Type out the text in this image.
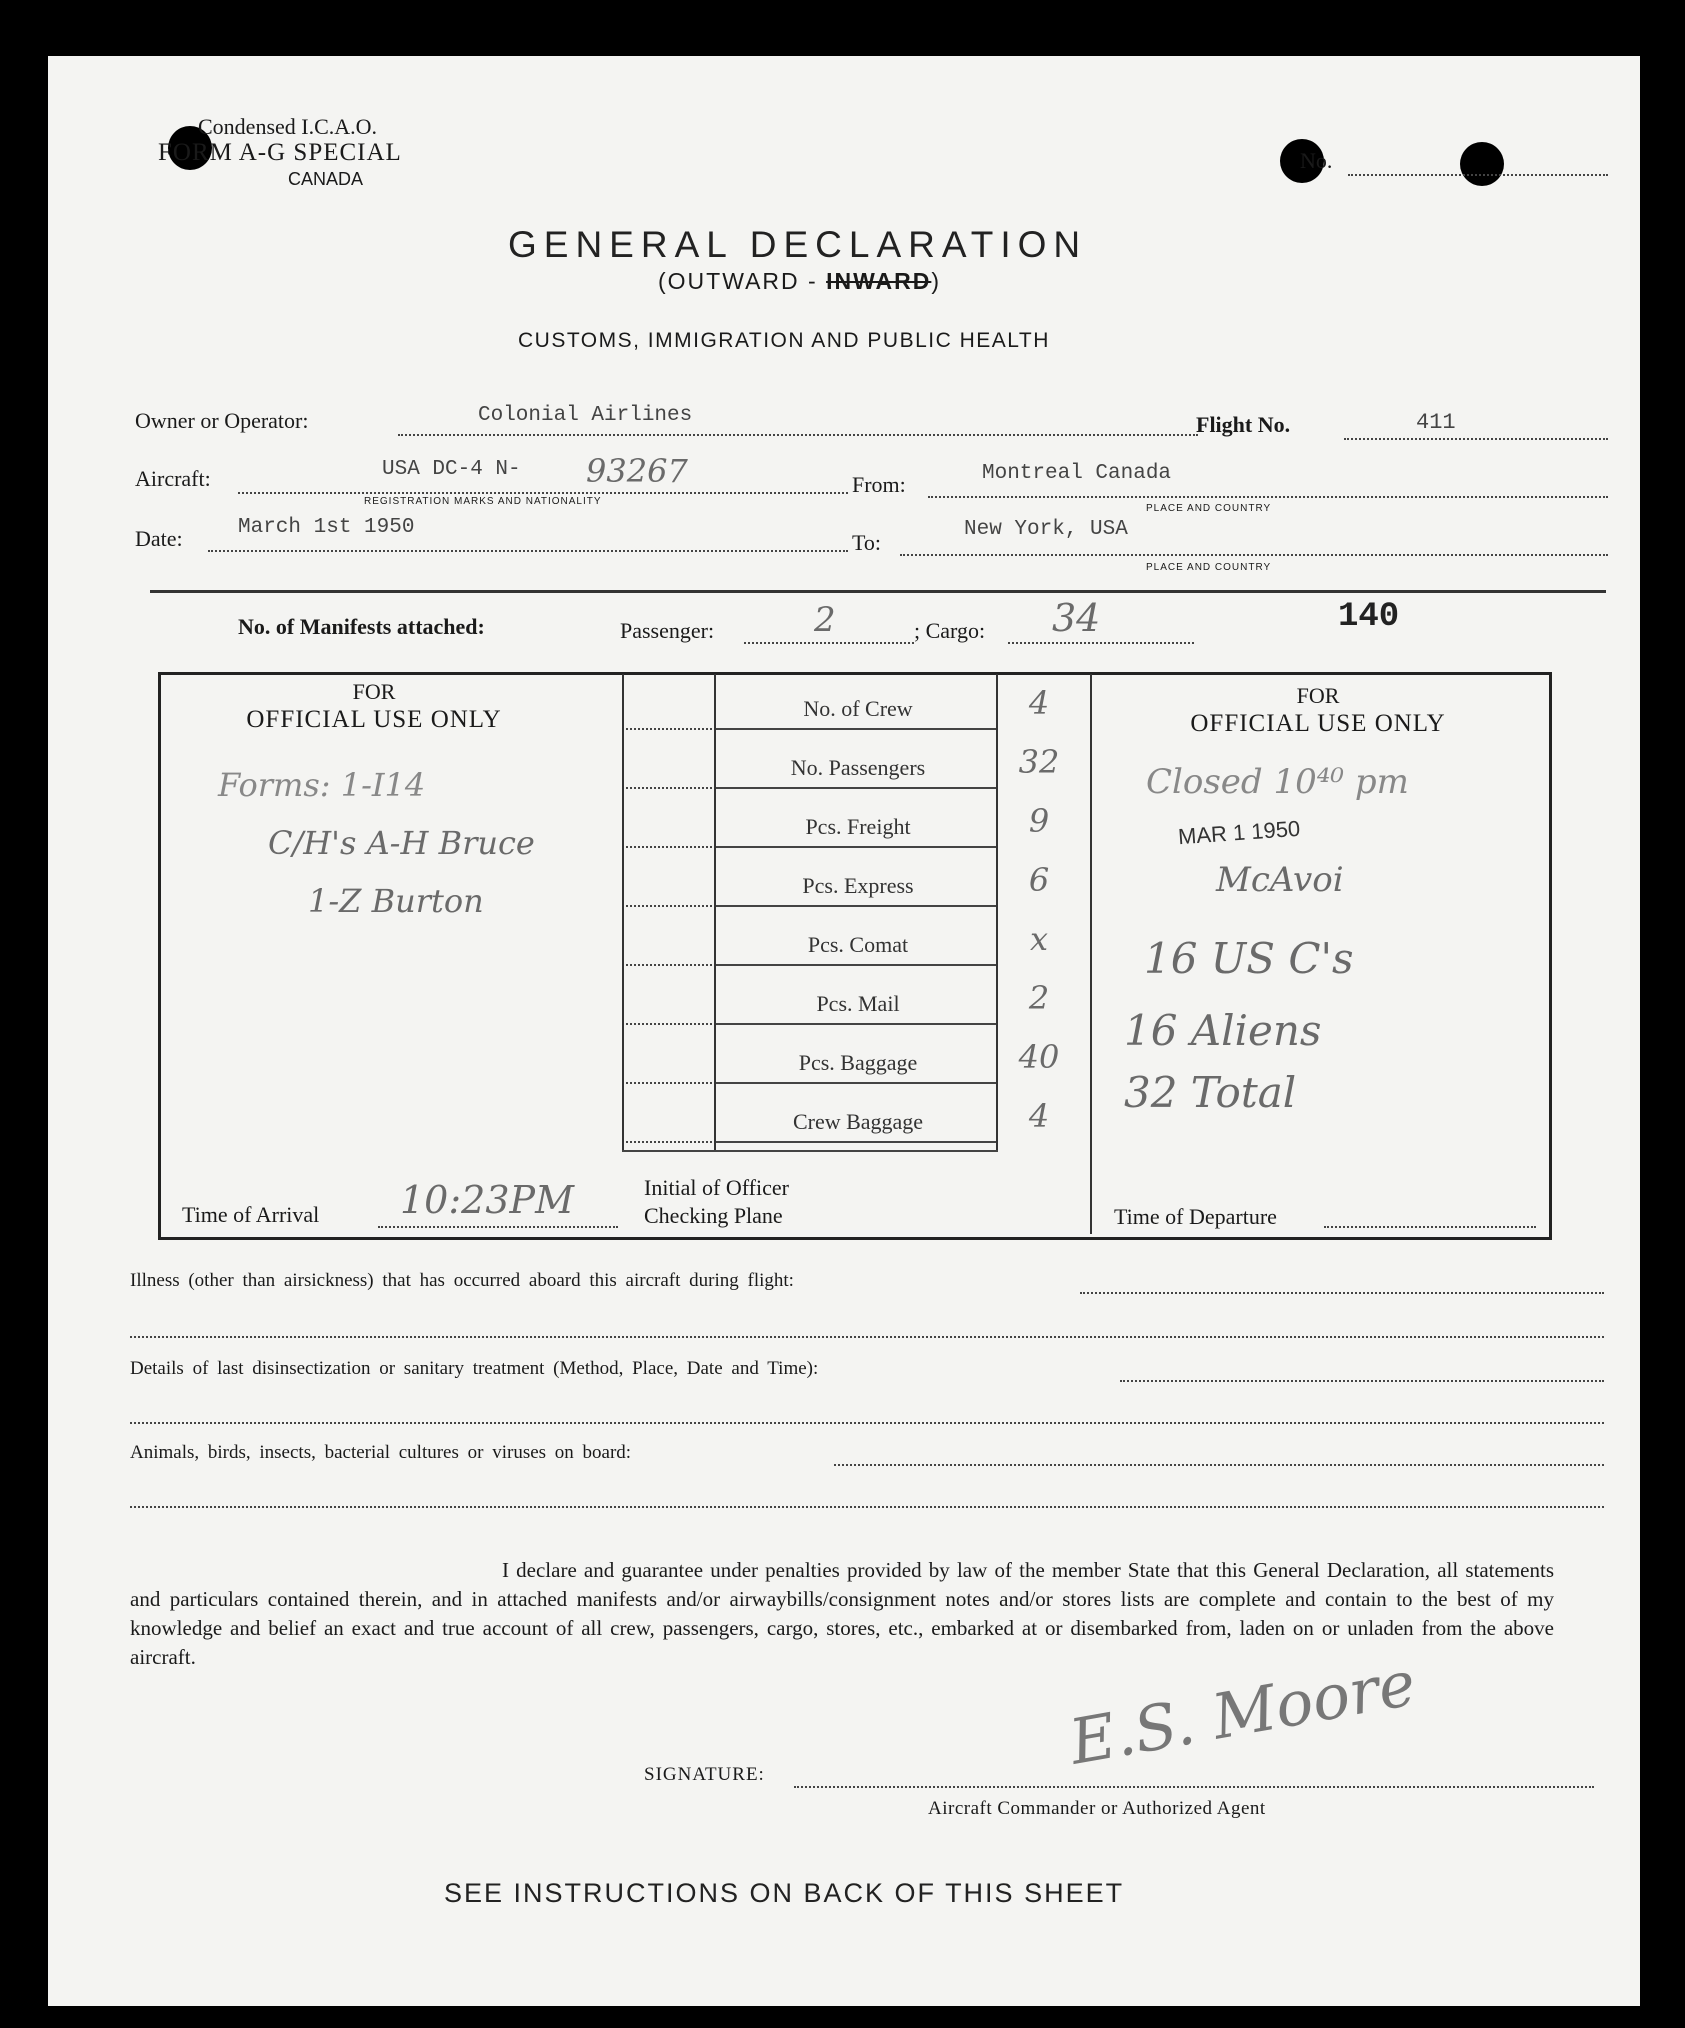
Condensed I.C.A.O.
FORM A-G SPECIAL
CANADA
No.
GENERAL DECLARATION
(OUTWARD - INWARD)
CUSTOMS, IMMIGRATION AND PUBLIC HEALTH
Owner or Operator:	Colonial Airlines	Flight No.	411
Aircraft:	USA DC-4 N- 93267
REGISTRATION MARKS AND NATIONALITY
From:	Montreal Canada
PLACE AND COUNTRY
Date:	March 1st 1950
To:
New York, USA
PLACE AND COUNTRY
No. of Manifests attached:	Passenger:	2	; Cargo: 34	140
FOR
OFFICIAL USE ONLY
Forms: 1-I14
C/H's A-H Bruce
1-Z Burton
Time of Arrival 10:23PM
No. of Crew	4
No. Passengers	32
Pcs. Freight	9
Pcs. Express	6
Pcs. Comat	x
Pcs. Mail	2
Pcs. Baggage	40
Crew Baggage	4
Initial of Officer
Checking Plane
FOR
OFFICIAL USE ONLY
Closed 10⁴⁰ pm
MAR 1 1950
McAvoi
16 US C's
16 Aliens
32 Total
Time of Departure
Illness (other than airsickness) that has occurred aboard this aircraft during flight:
Details of last disinsectization or sanitary treatment (Method, Place, Date and Time):
Animals, birds, insects, bacterial cultures or viruses on board:
I declare and guarantee under penalties provided by law of the member State that this General Declaration, all statements and particulars contained therein, and in attached manifests and/or airwaybills/consignment notes and/or stores lists are complete and contain to the best of my knowledge and belief an exact and true account of all crew, passengers, cargo, stores, etc., embarked at or disembarked from, laden on or unladen from the above aircraft.
SIGNATURE:	E.S. Moore
Aircraft Commander or Authorized Agent
SEE INSTRUCTIONS ON BACK OF THIS SHEET
